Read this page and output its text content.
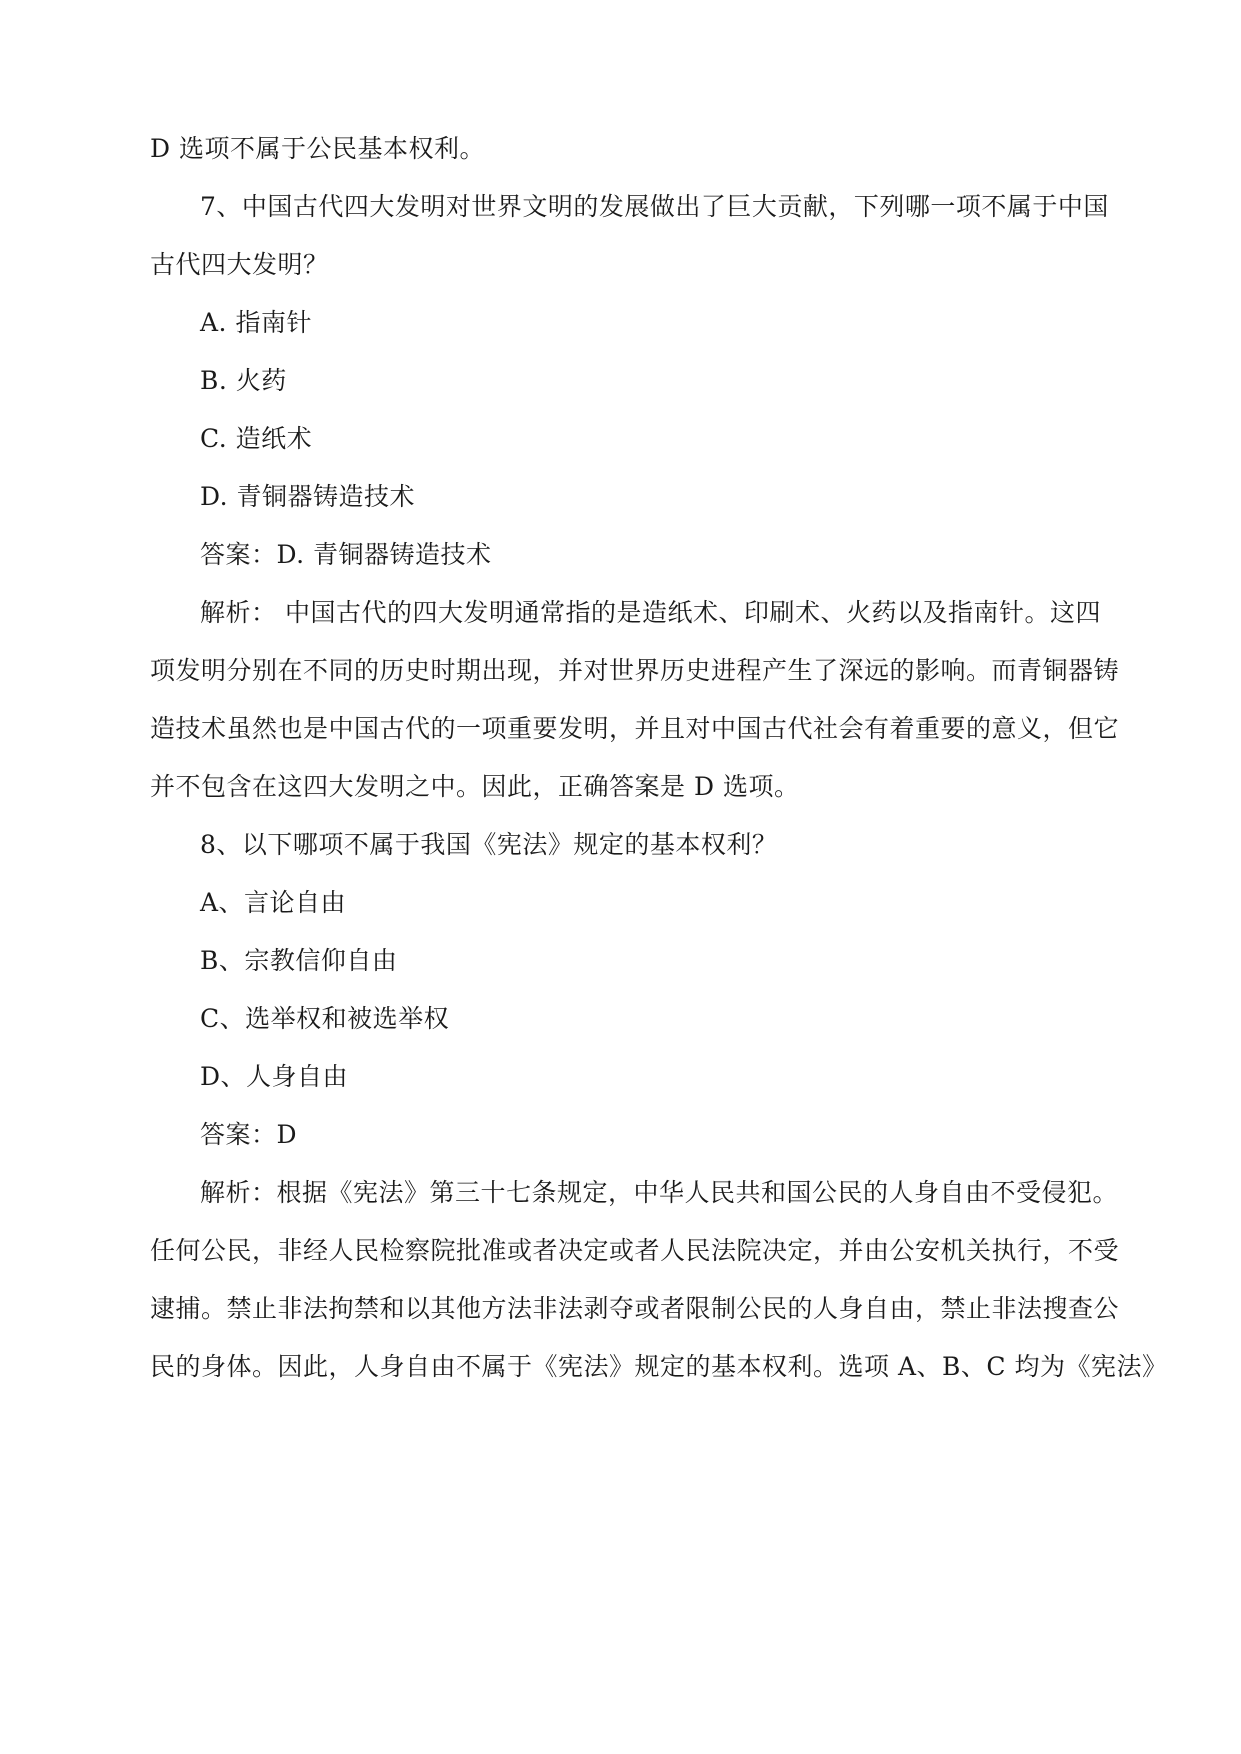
D 选项不属于公民基本权利。
7、中国古代四大发明对世界文明的发展做出了巨大贡献，下列哪一项不属于中国
古代四大发明？
A. 指南针
B. 火药
C. 造纸术
D. 青铜器铸造技术
答案：D. 青铜器铸造技术
解析： 中国古代的四大发明通常指的是造纸术、印刷术、火药以及指南针。这四
项发明分别在不同的历史时期出现，并对世界历史进程产生了深远的影响。而青铜器铸
造技术虽然也是中国古代的一项重要发明，并且对中国古代社会有着重要的意义，但它
并不包含在这四大发明之中。因此，正确答案是 D 选项。
8、以下哪项不属于我国《宪法》规定的基本权利？
A、言论自由
B、宗教信仰自由
C、选举权和被选举权
D、人身自由
答案：D
解析：根据《宪法》第三十七条规定，中华人民共和国公民的人身自由不受侵犯。
任何公民，非经人民检察院批准或者决定或者人民法院决定，并由公安机关执行，不受
逮捕。禁止非法拘禁和以其他方法非法剥夺或者限制公民的人身自由，禁止非法搜查公
民的身体。因此，人身自由不属于《宪法》规定的基本权利。选项 A、B、C 均为《宪法》
